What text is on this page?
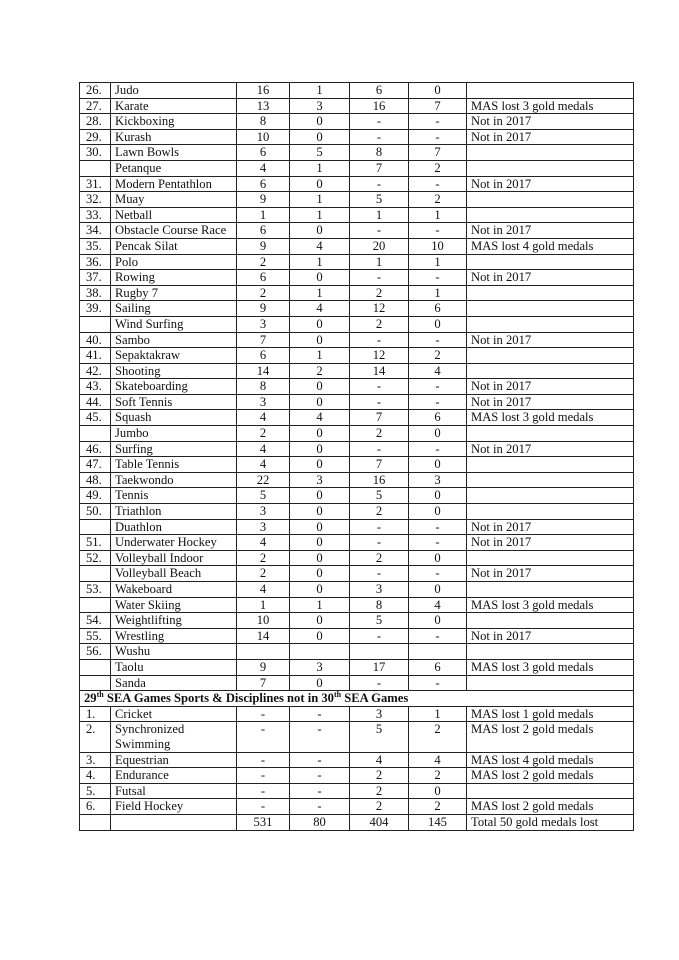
26.	Judo	16	1	6	0	
27.	Karate	13	3	16	7	MAS lost 3 gold medals
28.	Kickboxing	8	0	-	-	Not in 2017
29.	Kurash	10	0	-	-	Not in 2017
30.	Lawn Bowls	6	5	8	7	
	Petanque	4	1	7	2	
31.	Modern Pentathlon	6	0	-	-	Not in 2017
32.	Muay	9	1	5	2	
33.	Netball	1	1	1	1	
34.	Obstacle Course Race	6	0	-	-	Not in 2017
35.	Pencak Silat	9	4	20	10	MAS lost 4 gold medals
36.	Polo	2	1	1	1	
37.	Rowing	6	0	-	-	Not in 2017
38.	Rugby 7	2	1	2	1	
39.	Sailing	9	4	12	6	
	Wind Surfing	3	0	2	0	
40.	Sambo	7	0	-	-	Not in 2017
41.	Sepaktakraw	6	1	12	2	
42.	Shooting	14	2	14	4	
43.	Skateboarding	8	0	-	-	Not in 2017
44.	Soft Tennis	3	0	-	-	Not in 2017
45.	Squash	4	4	7	6	MAS lost 3 gold medals
	Jumbo	2	0	2	0	
46.	Surfing	4	0	-	-	Not in 2017
47.	Table Tennis	4	0	7	0	
48.	Taekwondo	22	3	16	3	
49.	Tennis	5	0	5	0	
50.	Triathlon	3	0	2	0	
	Duathlon	3	0	-	-	Not in 2017
51.	Underwater Hockey	4	0	-	-	Not in 2017
52.	Volleyball Indoor	2	0	2	0	
	Volleyball Beach	2	0	-	-	Not in 2017
53.	Wakeboard	4	0	3	0	
	Water Skiing	1	1	8	4	MAS lost 3 gold medals
54.	Weightlifting	10	0	5	0	
55.	Wrestling	14	0	-	-	Not in 2017
56.	Wushu					
	Taolu	9	3	17	6	MAS lost 3 gold medals
	Sanda	7	0	-	-	
29th SEA Games Sports & Disciplines not in 30th SEA Games						
1.	Cricket	-	-	3	1	MAS lost 1 gold medals
2.	Synchronized Swimming	-	-	5	2	MAS lost 2 gold medals
3.	Equestrian	-	-	4	4	MAS lost 4 gold medals
4.	Endurance	-	-	2	2	MAS lost 2 gold medals
5.	Futsal	-	-	2	0	
6.	Field Hockey	-	-	2	2	MAS lost 2 gold medals
		531	80	404	145	Total 50 gold medals lost
